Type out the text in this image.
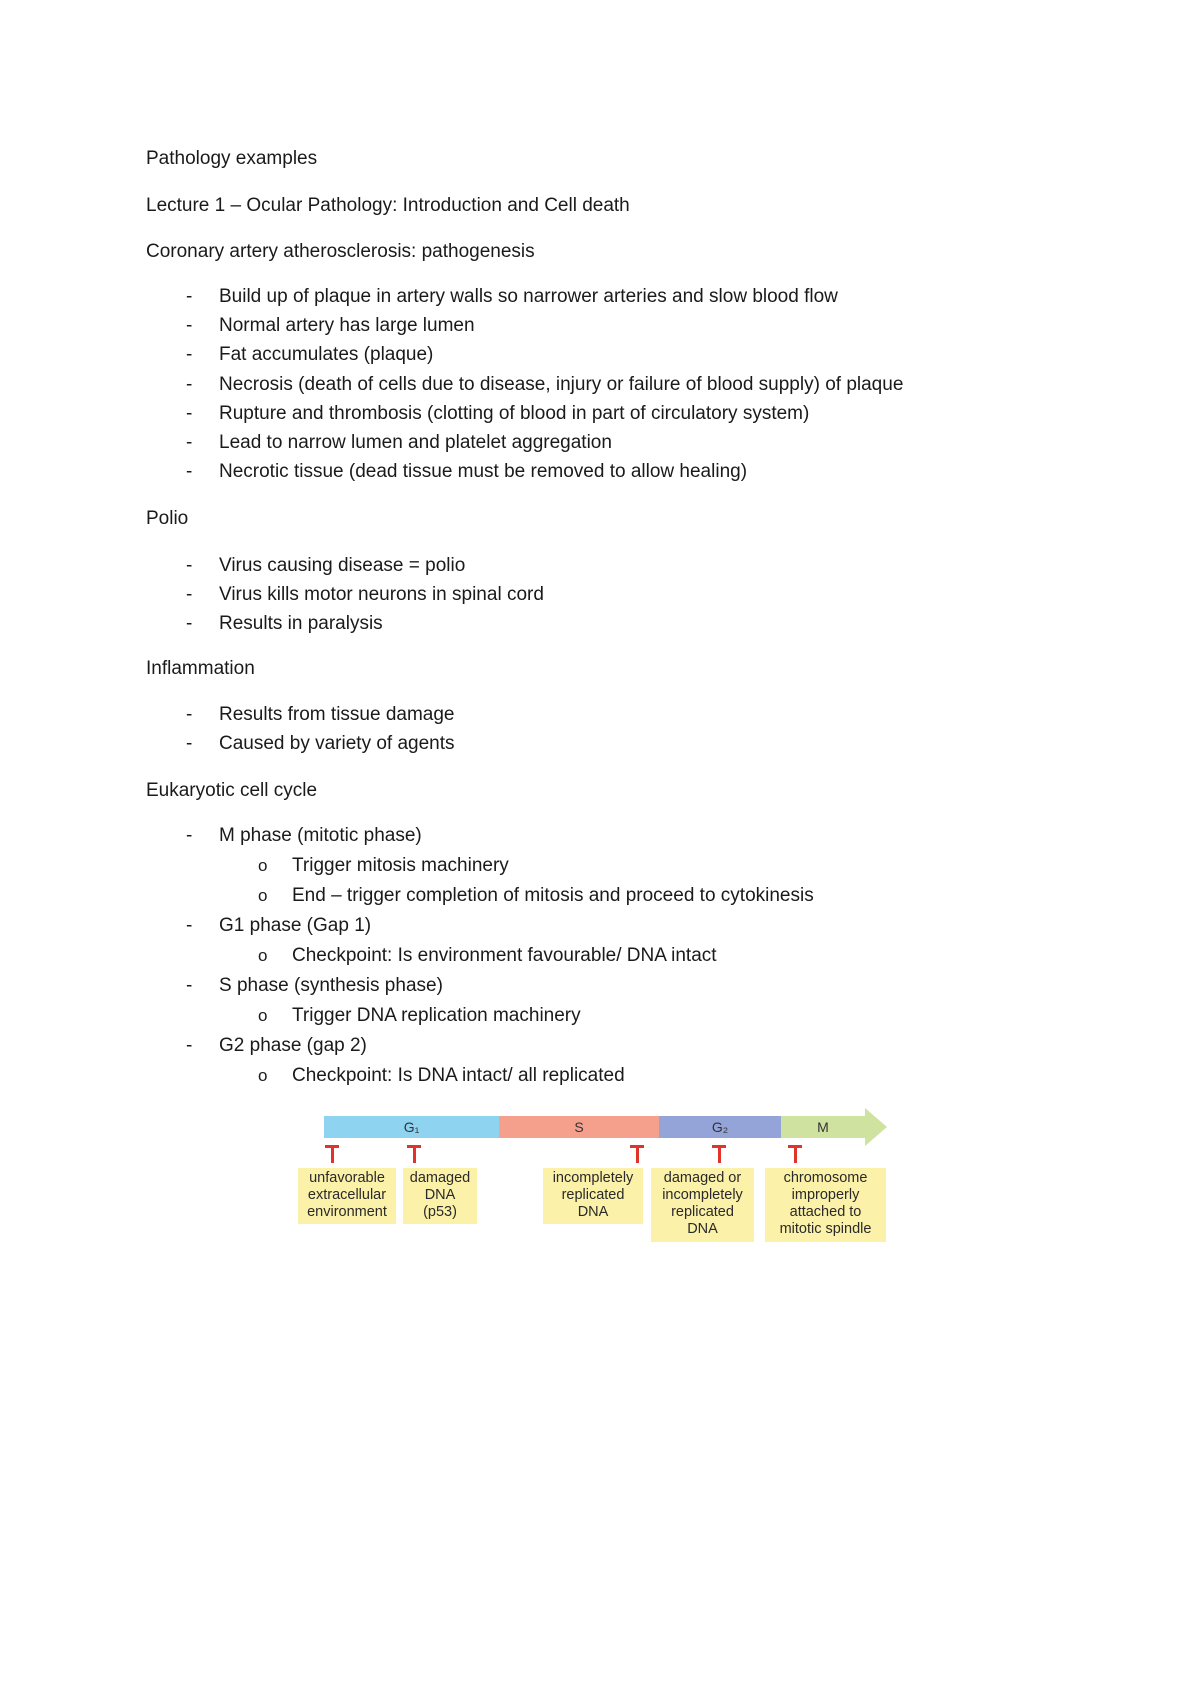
Pathology examples
Lecture 1 – Ocular Pathology: Introduction and Cell death
Coronary artery atherosclerosis: pathogenesis
- Build up of plaque in artery walls so narrower arteries and slow blood flow
- Normal artery has large lumen
- Fat accumulates (plaque)
- Necrosis (death of cells due to disease, injury or failure of blood supply) of plaque
- Rupture and thrombosis (clotting of blood in part of circulatory system)
- Lead to narrow lumen and platelet aggregation
- Necrotic tissue (dead tissue must be removed to allow healing)
Polio
- Virus causing disease = polio
- Virus kills motor neurons in spinal cord
- Results in paralysis
Inflammation
- Results from tissue damage
- Caused by variety of agents
Eukaryotic cell cycle
- M phase (mitotic phase)
o Trigger mitosis machinery
o End – trigger completion of mitosis and proceed to cytokinesis
- G1 phase (Gap 1)
o Checkpoint: Is environment favourable/ DNA intact
- S phase (synthesis phase)
o Trigger DNA replication machinery
- G2 phase (gap 2)
o Checkpoint: Is DNA intact/ all replicated
G₁	S	G₂	M
unfavorable
extracellular
environment
damaged
DNA
(p53)
incompletely
replicated
DNA
damaged or
incompletely
replicated
DNA
chromosome
improperly
attached to
mitotic spindle
